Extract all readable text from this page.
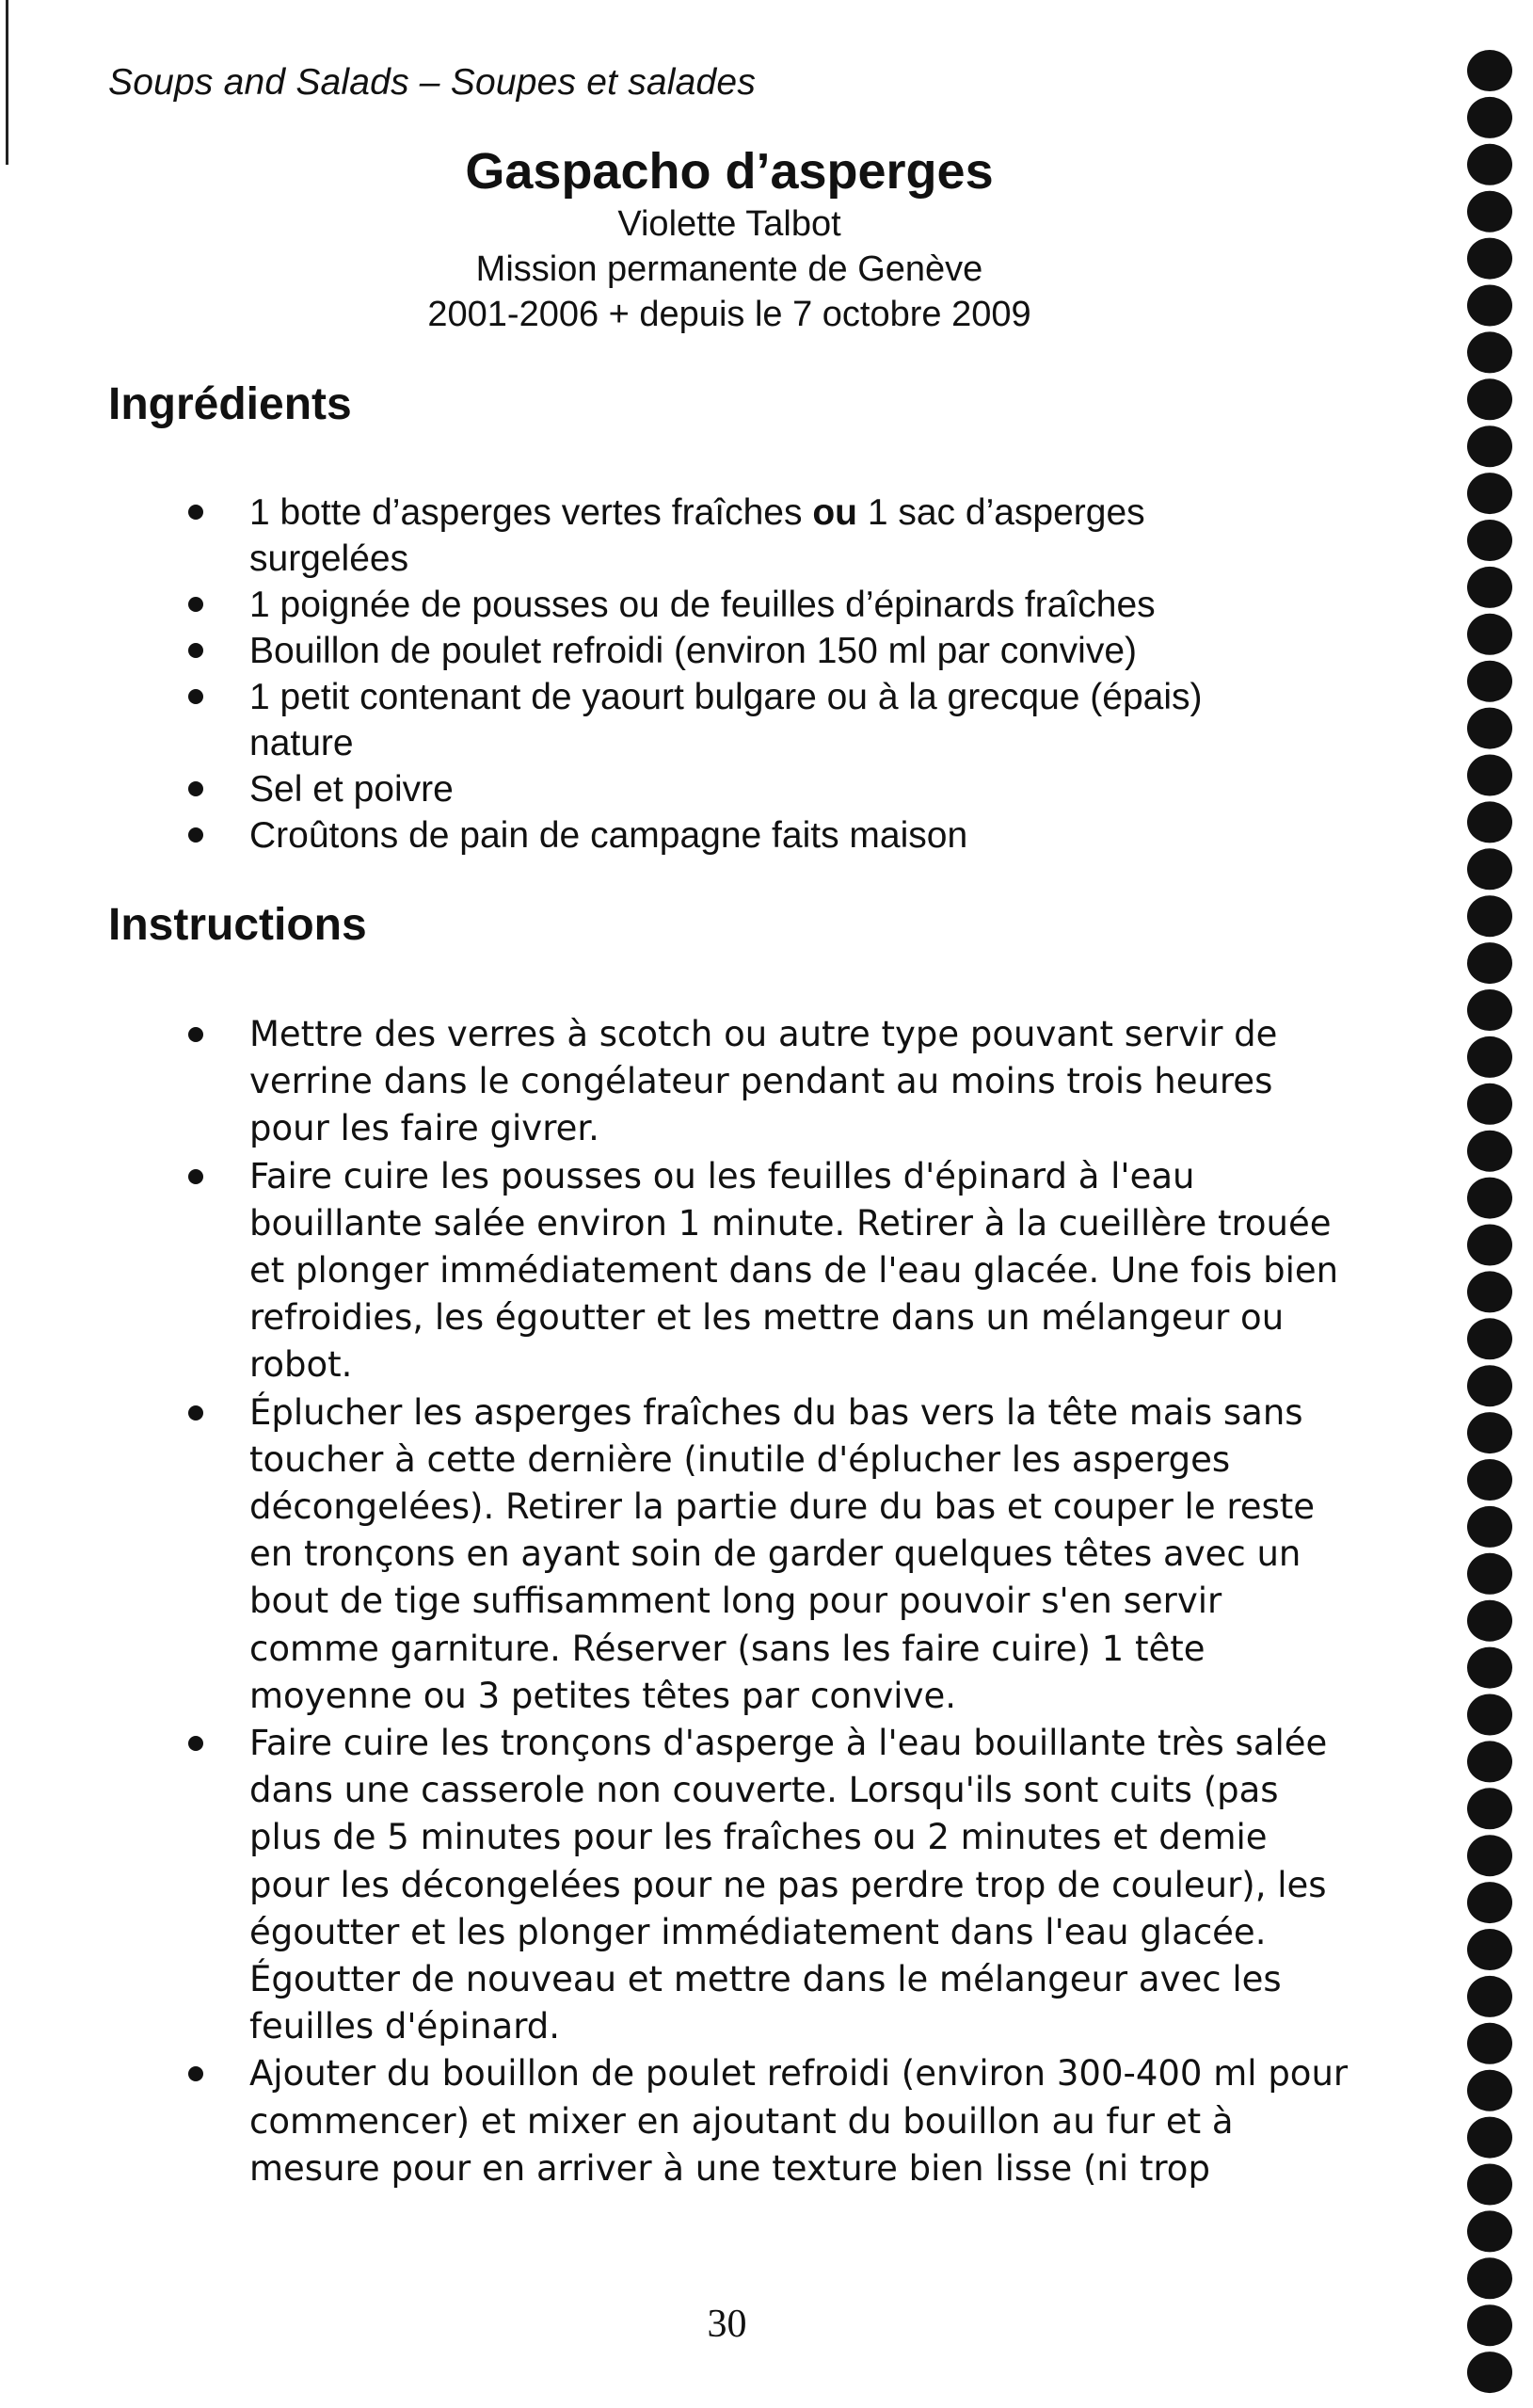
Soups and Salads – Soupes et salades
Gaspacho d’asperges
Violette Talbot
Mission permanente de Genève
2001-2006 + depuis le 7 octobre 2009
Ingrédients
1 botte d’asperges vertes fraîches ou 1 sac d’asperges surgelées
1 poignée de pousses ou de feuilles d’épinards fraîches
Bouillon de poulet refroidi (environ 150 ml par convive)
1 petit contenant de yaourt bulgare ou à la grecque (épais) nature
Sel et poivre
Croûtons de pain de campagne faits maison
Instructions
Mettre des verres à scotch ou autre type pouvant servir de verrine dans le congélateur pendant au moins trois heures pour les faire givrer.
Faire cuire les pousses ou les feuilles d'épinard à l'eau bouillante salée environ 1 minute. Retirer à la cueillère trouée et plonger immédiatement dans de l'eau glacée. Une fois bien refroidies, les égoutter et les mettre dans un mélangeur ou robot.
Éplucher les asperges fraîches du bas vers la tête mais sans toucher à cette dernière (inutile d'éplucher les asperges décongelées). Retirer la partie dure du bas et couper le reste en tronçons en ayant soin de garder quelques têtes avec un bout de tige suffisamment long pour pouvoir s'en servir comme garniture. Réserver (sans les faire cuire) 1 tête moyenne ou 3 petites têtes par convive.
Faire cuire les tronçons d'asperge à l'eau bouillante très salée dans une casserole non couverte. Lorsqu'ils sont cuits (pas plus de 5 minutes pour les fraîches ou 2 minutes et demie pour les décongelées pour ne pas perdre trop de couleur), les égoutter et les plonger immédiatement dans l'eau glacée. Égoutter de nouveau et mettre dans le mélangeur avec les feuilles d'épinard.
Ajouter du bouillon de poulet refroidi (environ 300-400 ml pour commencer) et mixer en ajoutant du bouillon au fur et à mesure pour en arriver à une texture bien lisse (ni trop
30
